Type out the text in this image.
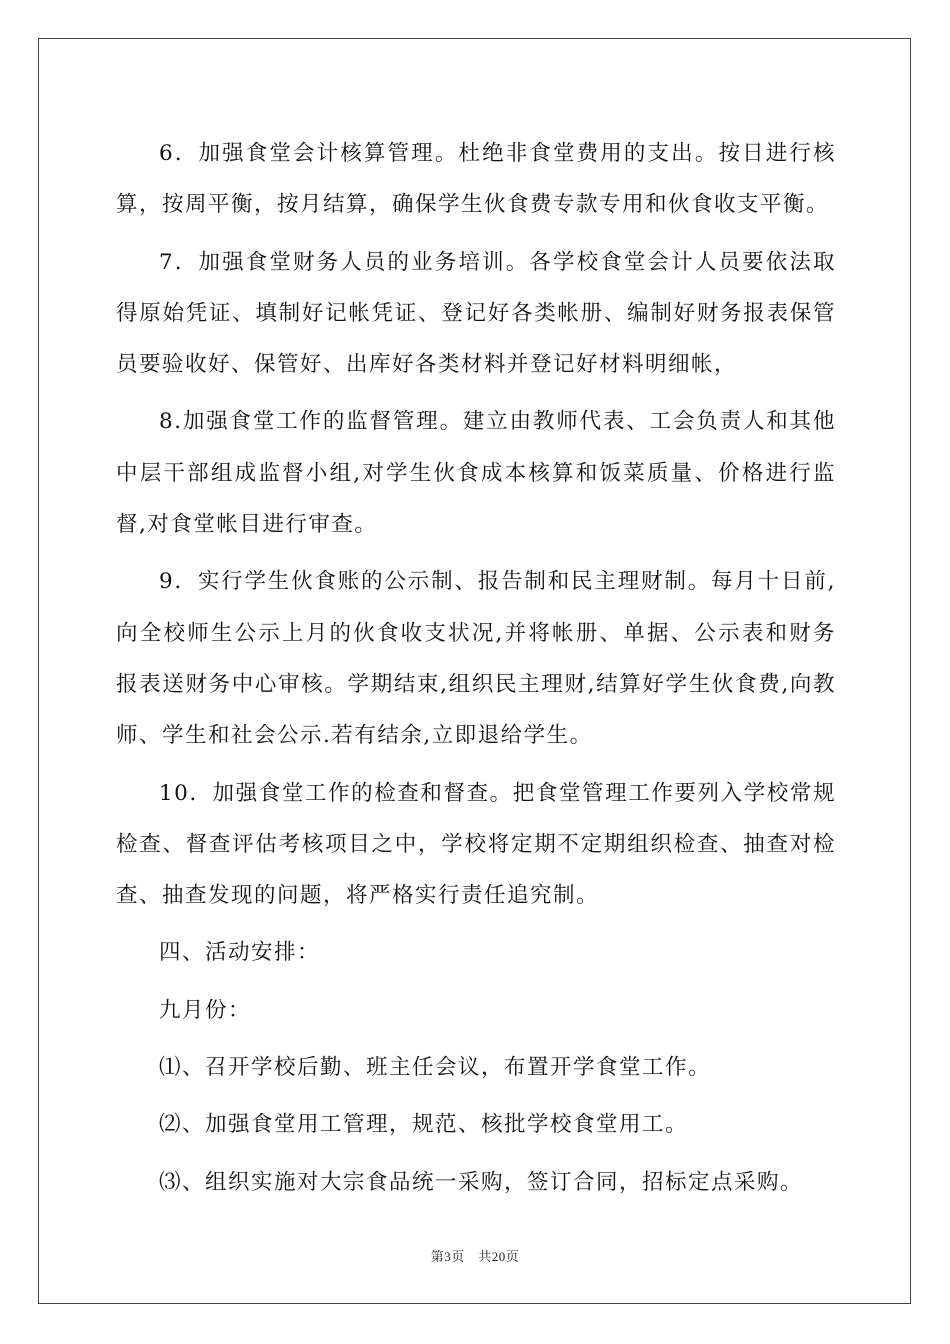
6．加强食堂会计核算管理。杜绝非食堂费用的支出。按日进行核算，按周平衡，按月结算，确保学生伙食费专款专用和伙食收支平衡。

7．加强食堂财务人员的业务培训。各学校食堂会计人员要依法取得原始凭证、填制好记帐凭证、登记好各类帐册、编制好财务报表保管员要验收好、保管好、出库好各类材料并登记好材料明细帐，

8.加强食堂工作的监督管理。建立由教师代表、工会负责人和其他中层干部组成监督小组,对学生伙食成本核算和饭菜质量、价格进行监督,对食堂帐目进行审查。

9．实行学生伙食账的公示制、报告制和民主理财制。每月十日前,向全校师生公示上月的伙食收支状况,并将帐册、单据、公示表和财务报表送财务中心审核。学期结束,组织民主理财,结算好学生伙食费,向教师、学生和社会公示.若有结余,立即退给学生。

10．加强食堂工作的检查和督查。把食堂管理工作要列入学校常规检查、督查评估考核项目之中，学校将定期不定期组织检查、抽查对检查、抽查发现的问题，将严格实行责任追究制。

四、活动安排：

九月份：

⑴、召开学校后勤、班主任会议，布置开学食堂工作。

⑵、加强食堂用工管理，规范、核批学校食堂用工。

⑶、组织实施对大宗食品统一采购，签订合同，招标定点采购。

第3页　共20页
